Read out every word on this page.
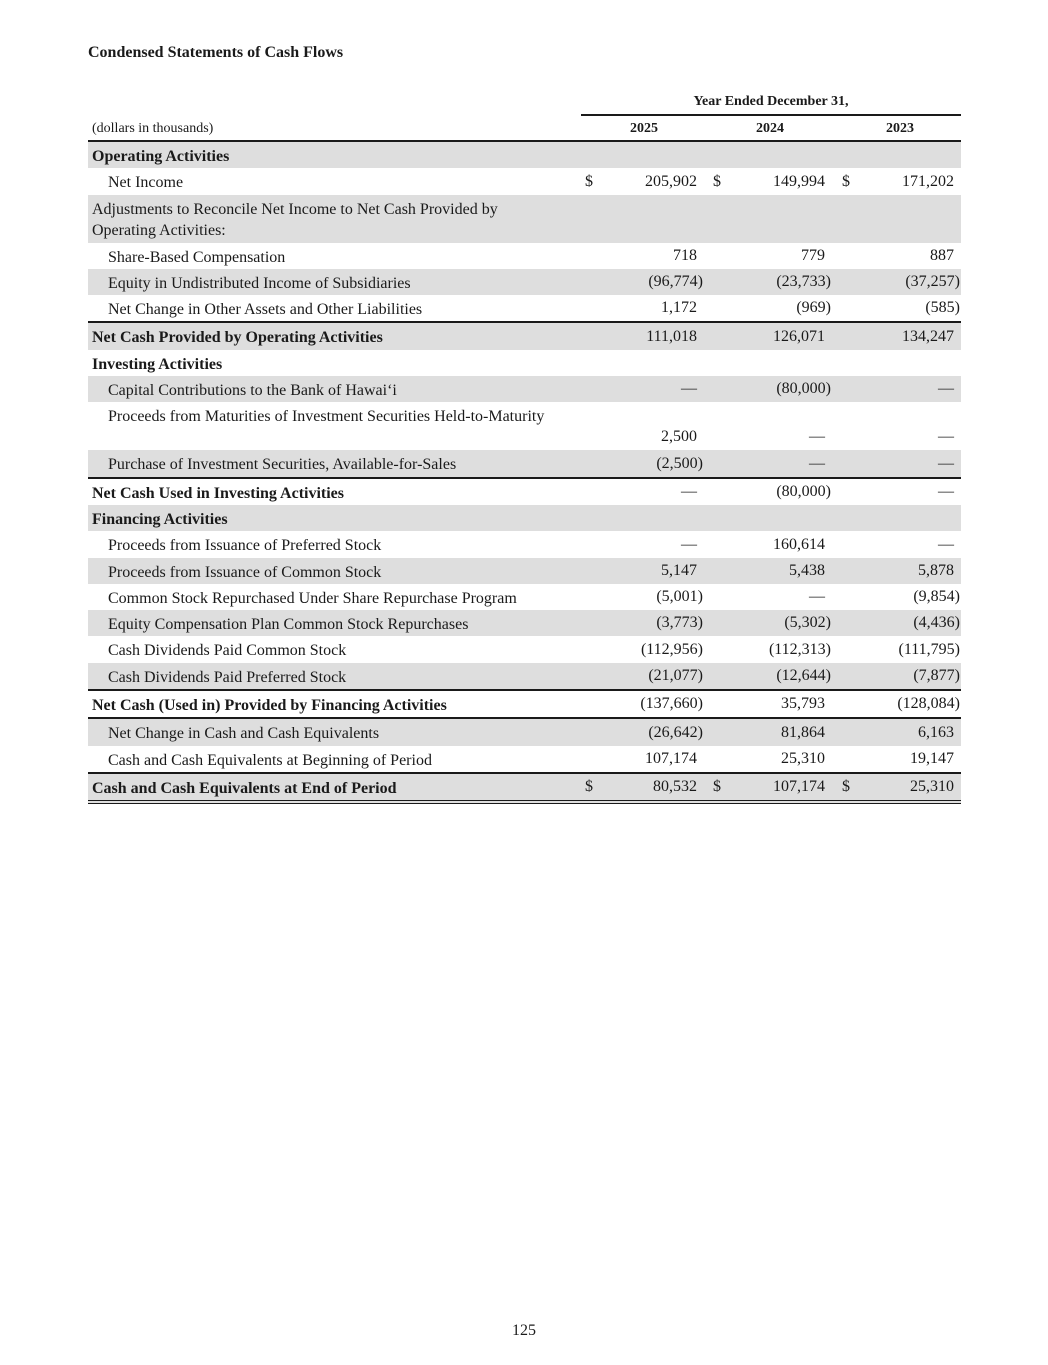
Condensed Statements of Cash Flows
Year Ended December 31,
(dollars in thousands)	2025	2024	2023
Operating Activities
Net Income	$	205,902 $	149,994 $	171,202
Adjustments to Reconcile Net Income to Net Cash Provided by Operating Activities:
Share-Based Compensation	718	779	887
Equity in Undistributed Income of Subsidiaries	(96,774)	(23,733)	(37,257)
Net Change in Other Assets and Other Liabilities	1,172	(969)	(585)
Net Cash Provided by Operating Activities	111,018	126,071	134,247
Investing Activities
Capital Contributions to the Bank of Hawai‘i	—	(80,000)	—
Proceeds from Maturities of Investment Securities Held-to-Maturity
2,500	—	—
Purchase of Investment Securities, Available-for-Sales	(2,500)	—	—
Net Cash Used in Investing Activities	—	(80,000)	—
Financing Activities
Proceeds from Issuance of Preferred Stock	—	160,614	—
Proceeds from Issuance of Common Stock	5,147	5,438	5,878
Common Stock Repurchased Under Share Repurchase Program	(5,001)	—	(9,854)
Equity Compensation Plan Common Stock Repurchases	(3,773)	(5,302)	(4,436)
Cash Dividends Paid Common Stock	(112,956)	(112,313)	(111,795)
Cash Dividends Paid Preferred Stock	(21,077)	(12,644)	(7,877)
Net Cash (Used in) Provided by Financing Activities	(137,660)	35,793	(128,084)
Net Change in Cash and Cash Equivalents	(26,642)	81,864	6,163
Cash and Cash Equivalents at Beginning of Period	107,174	25,310	19,147
Cash and Cash Equivalents at End of Period	$	80,532 $	107,174 $	25,310
125
